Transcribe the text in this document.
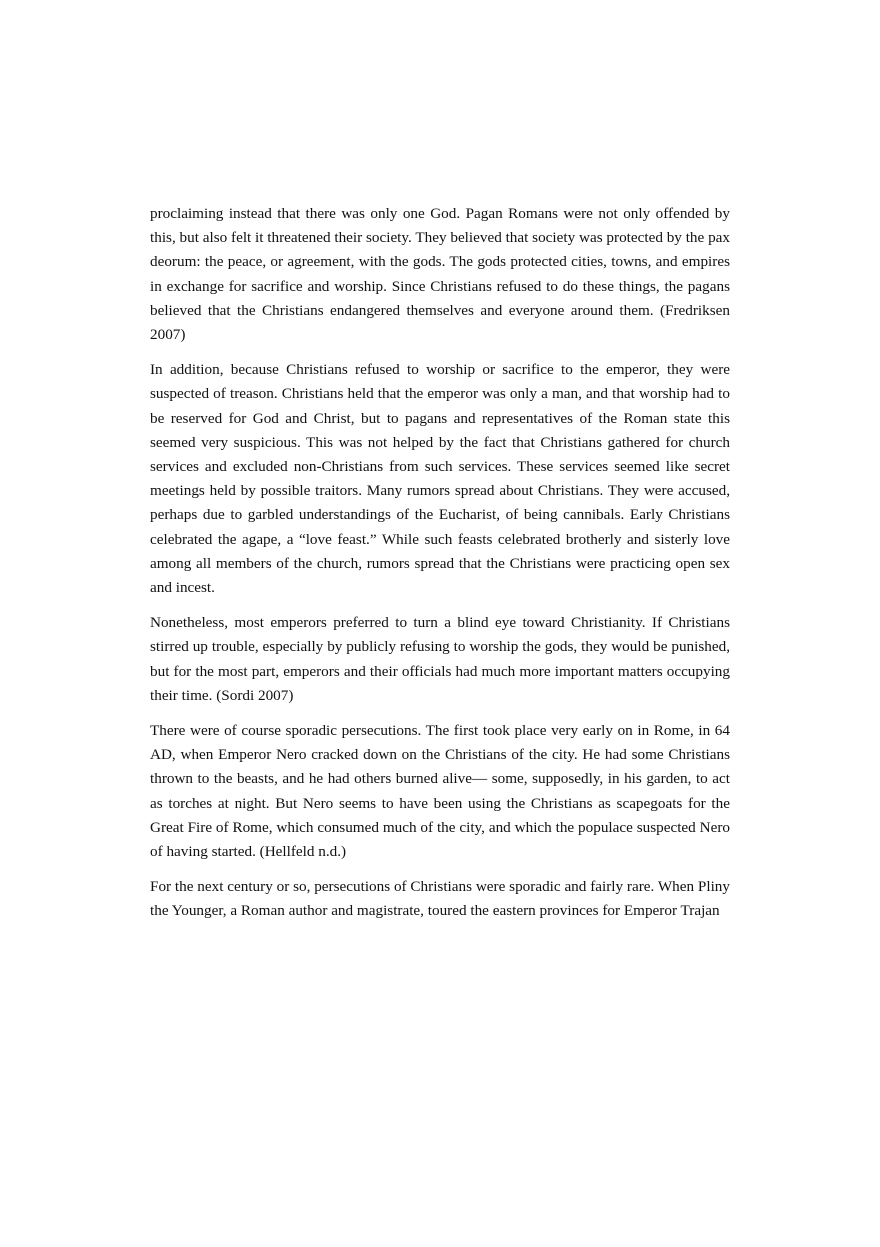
proclaiming instead that there was only one God. Pagan Romans were not only offended by this, but also felt it threatened their society. They believed that society was protected by the pax deorum: the peace, or agreement, with the gods. The gods protected cities, towns, and empires in exchange for sacrifice and worship. Since Christians refused to do these things, the pagans believed that the Christians endangered themselves and everyone around them. (Fredriksen 2007)

In addition, because Christians refused to worship or sacrifice to the emperor, they were suspected of treason. Christians held that the emperor was only a man, and that worship had to be reserved for God and Christ, but to pagans and representatives of the Roman state this seemed very suspicious. This was not helped by the fact that Christians gathered for church services and excluded non-Christians from such services. These services seemed like secret meetings held by possible traitors. Many rumors spread about Christians. They were accused, perhaps due to garbled understandings of the Eucharist, of being cannibals. Early Christians celebrated the agape, a “love feast.” While such feasts celebrated brotherly and sisterly love among all members of the church, rumors spread that the Christians were practicing open sex and incest.

Nonetheless, most emperors preferred to turn a blind eye toward Christianity. If Christians stirred up trouble, especially by publicly refusing to worship the gods, they would be punished, but for the most part, emperors and their officials had much more important matters occupying their time. (Sordi 2007)

There were of course sporadic persecutions. The first took place very early on in Rome, in 64 AD, when Emperor Nero cracked down on the Christians of the city. He had some Christians thrown to the beasts, and he had others burned alive— some, supposedly, in his garden, to act as torches at night. But Nero seems to have been using the Christians as scapegoats for the Great Fire of Rome, which consumed much of the city, and which the populace suspected Nero of having started. (Hellfeld n.d.)

For the next century or so, persecutions of Christians were sporadic and fairly rare. When Pliny the Younger, a Roman author and magistrate, toured the eastern provinces for Emperor Trajan
